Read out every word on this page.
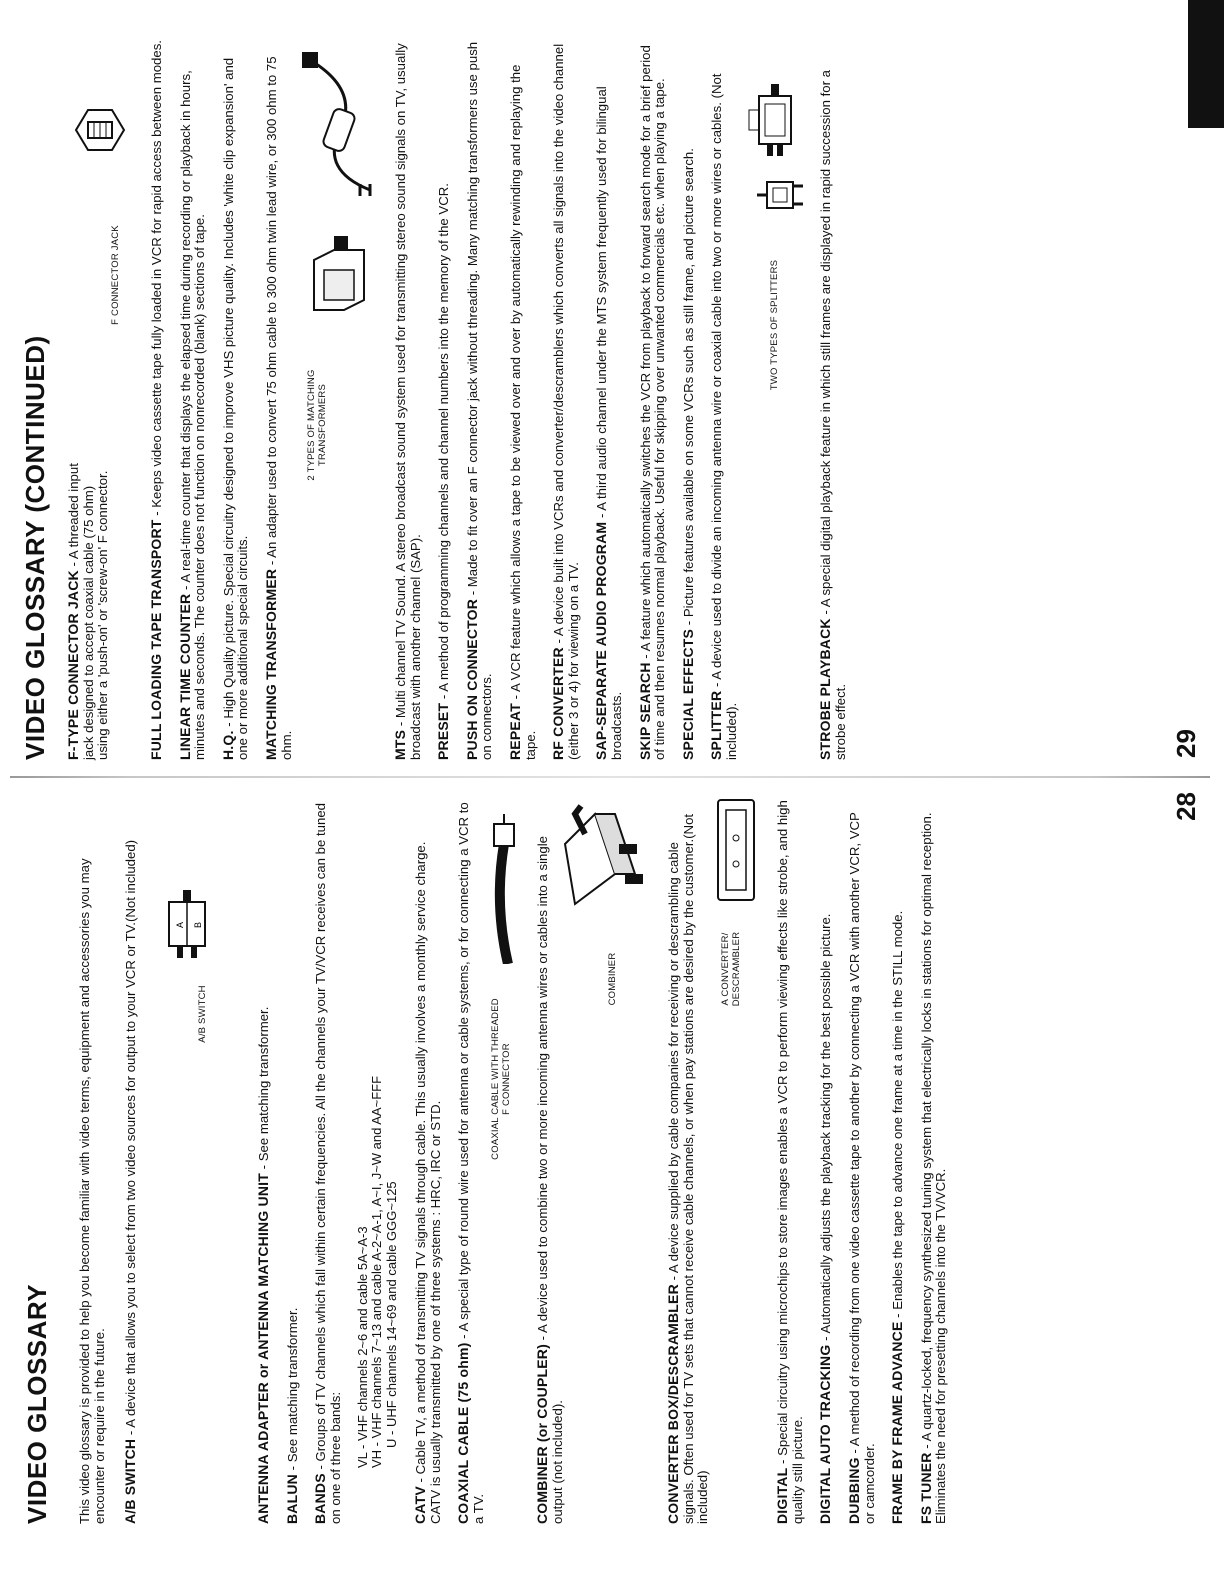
VIDEO GLOSSARY This video glossary is provided to help you become familiar with video terms, equipment and accessories you may encounter or require in the future. A/B SWITCH - A device that allows you to select from two video sources for output to your VCR or TV.(Not included)	A/B SWITCH
A B

ANTENNA ADAPTER or ANTENNA MATCHING UNIT - See matching transformer.

BALUN - See matching transformer.

BANDS - Groups of TV channels which fall within certain frequencies. All the channels your TV/VCR receives can be tuned on one of three bands: VL - VHF channels 2~6 and cable 5A~A-3 VH - VHF channels 7~13 and cable A-2~A-1, A~I, J~W and AA~FFF U - UHF channels 14~69 and cable GGG~125
CATV - Cable TV, a method of transmitting TV signals through cable. This usually involves a monthly service charge.
CATV is usually transmitted by one of three systems : HRC, IRC or STD. COAXIAL CABLE (75 ohm) - A special type of round wire used for antenna or cable systems, or for connecting a VCR to a TV.
COAXIAL CABLE WITH THREADED F CONNECTOR
COMBINER (or COUPLER) - A device used to combine two or more incoming antenna wires or cables into a single output (not included).
COMBINER
CONVERTER BOX/DESCRAMBLER - A device supplied by cable companies for receiving or descrambling cable signals. Often used for TV sets that cannot receive cable channels, or when pay stations are desired by the customer.(Not included)
A CONVERTER/ DESCRAMBLER

DIGITAL - Special circuitry using microchips to store images enables a VCR to perform viewing effects like strobe, and high quality still picture. DIGITAL AUTO TRACKING - Automatically adjusts the playback tracking for the best possible picture.

DUBBING - A method of recording from one video cassette tape to another by connecting a VCR with another VCR, VCP or camcorder. FRAME BY FRAME ADVANCE - Enables the tape to advance one frame at a time in the STILL mode.

FS TUNER - A quartz-locked, frequency synthesized tuning system that electrically locks in stations for optimal reception. Eliminates the need for presetting channels into the TV/VCR.

28
VIDEO GLOSSARY (CONTINUED) F-TYPE CONNECTOR JACK - A threaded input jack designed to accept coaxial cable (75 ohm) using either a 'push-on' or 'screw-on' F connector.
F CONNECTOR JACK

FULL LOADING TAPE TRANSPORT - Keeps video cassette tape fully loaded in VCR for rapid access between modes.

LINEAR TIME COUNTER - A real-time counter that displays the elapsed time during recording or playback in hours, minutes and seconds. The counter does not function on nonrecorded (blank) sections of tape. H.Q. - High Quality picture. Special circuitry designed to improve VHS picture quality. Includes 'white clip expansion' and one or more additional special circuits. MATCHING TRANSFORMER - An adapter used to convert 75 ohm cable to 300 ohm twin lead wire, or 300 ohm to 75 ohm.
2 TYPES OF MATCHING TRANSFORMERS

MTS - Multi channel TV Sound. A stereo broadcast sound system used for transmitting stereo sound signals on TV, usually broadcast with another channel (SAP). PRESET - A method of programming channels and channel numbers into the memory of the VCR. PUSH ON CONNECTOR - Made to fit over an F connector jack without threading. Many matching transformers use push on connectors. REPEAT - A VCR feature which allows a tape to be viewed over and over by automatically rewinding and replaying the tape. RF CONVERTER - A device built into VCRs and converter/descramblers which converts all signals into the video channel (either 3 or 4) for viewing on a TV. SAP-SEPARATE AUDIO PROGRAM - A third audio channel under the MTS system frequently used for bilingual broadcasts. SKIP SEARCH - A feature which automatically switches the VCR from playback to forward search mode for a brief period of time and then resumes normal playback. Useful for skipping over unwanted commercials etc. when playing a tape. SPECIAL EFFECTS - Picture features available on some VCRs such as still frame, and picture search.

SPLITTER - A device used to divide an incoming antenna wire or coaxial cable into two or more wires or cables. (Not included).
TWO TYPES OF SPLITTERS

STROBE PLAYBACK - A special digital playback feature in which still frames are displayed in rapid succession for a strobe effect.	29
